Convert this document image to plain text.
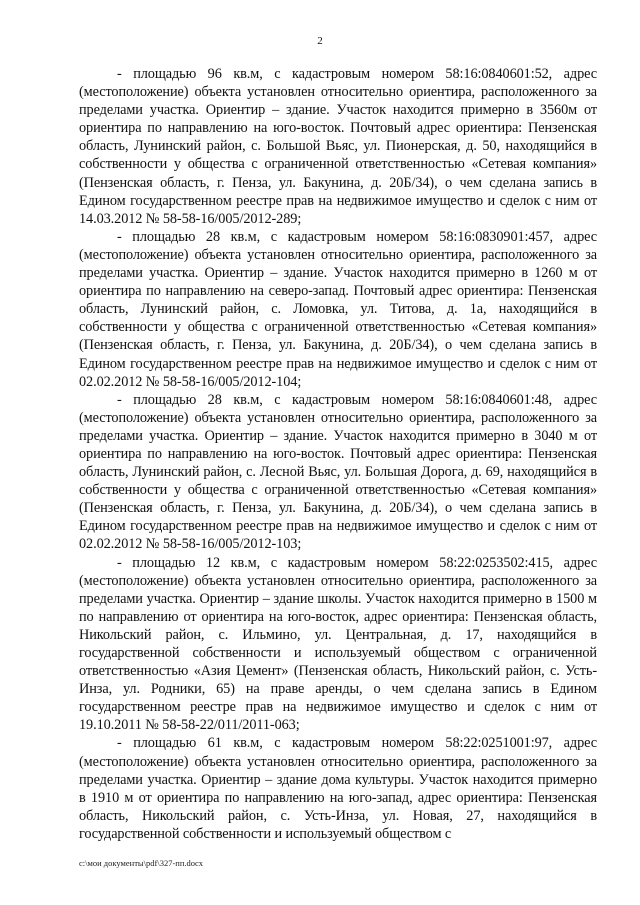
2

- площадью 96 кв.м, с кадастровым номером 58:16:0840601:52, адрес (местоположение) объекта установлен относительно ориентира, расположенного за пределами участка. Ориентир – здание. Участок находится примерно в 3560м от ориентира по направлению на юго-восток. Почтовый адрес ориентира: Пензенская область, Лунинский район, с. Большой Вьяс, ул. Пионерская, д. 50, находящийся в собственности у общества с ограниченной ответственностью «Сетевая компания» (Пензенская область, г. Пенза, ул. Бакунина, д. 20Б/34), о чем сделана запись в Едином государственном реестре прав на недвижимое имущество и сделок с ним от 14.03.2012 № 58-58-16/005/2012-289;

- площадью 28 кв.м, с кадастровым номером 58:16:0830901:457, адрес (местоположение) объекта установлен относительно ориентира, расположенного за пределами участка. Ориентир – здание. Участок находится примерно в 1260 м от ориентира по направлению на северо-запад. Почтовый адрес ориентира: Пензенская область, Лунинский район, с. Ломовка, ул. Титова, д. 1а, находящийся в собственности у общества с ограниченной ответственностью «Сетевая компания» (Пензенская область, г. Пенза, ул. Бакунина, д. 20Б/34), о чем сделана запись в Едином государственном реестре прав на недвижимое имущество и сделок с ним от 02.02.2012 № 58-58-16/005/2012-104;

- площадью 28 кв.м, с кадастровым номером 58:16:0840601:48, адрес (местоположение) объекта установлен относительно ориентира, расположенного за пределами участка. Ориентир – здание. Участок находится примерно в 3040 м от ориентира по направлению на юго-восток. Почтовый адрес ориентира: Пензенская область, Лунинский район, с. Лесной Вьяс, ул. Большая Дорога, д. 69, находящийся в собственности у общества с ограниченной ответственностью «Сетевая компания» (Пензенская область, г. Пенза, ул. Бакунина, д. 20Б/34), о чем сделана запись в Едином государственном реестре прав на недвижимое имущество и сделок с ним от 02.02.2012 № 58-58-16/005/2012-103;

- площадью 12 кв.м, с кадастровым номером 58:22:0253502:415, адрес (местоположение) объекта установлен относительно ориентира, расположенного за пределами участка. Ориентир – здание школы. Участок находится примерно в 1500 м по направлению от ориентира на юго-восток, адрес ориентира: Пензенская область, Никольский район, с. Ильмино, ул. Центральная, д. 17, находящийся в государственной собственности и используемый обществом с ограниченной ответственностью «Азия Цемент» (Пензенская область, Никольский район, с. Усть-Инза, ул. Родники, 65) на праве аренды, о чем сделана запись в Едином государственном реестре прав на недвижимое имущество и сделок с ним от 19.10.2011 № 58-58-22/011/2011-063;

- площадью 61 кв.м, с кадастровым номером 58:22:0251001:97, адрес (местоположение) объекта установлен относительно ориентира, расположенного за пределами участка. Ориентир – здание дома культуры. Участок находится примерно в 1910 м от ориентира по направлению на юго-запад, адрес ориентира: Пензенская область, Никольский район, с. Усть-Инза, ул. Новая, 27, находящийся в государственной собственности и используемый обществом с

c:\мои документы\pdf\327-пп.docx
